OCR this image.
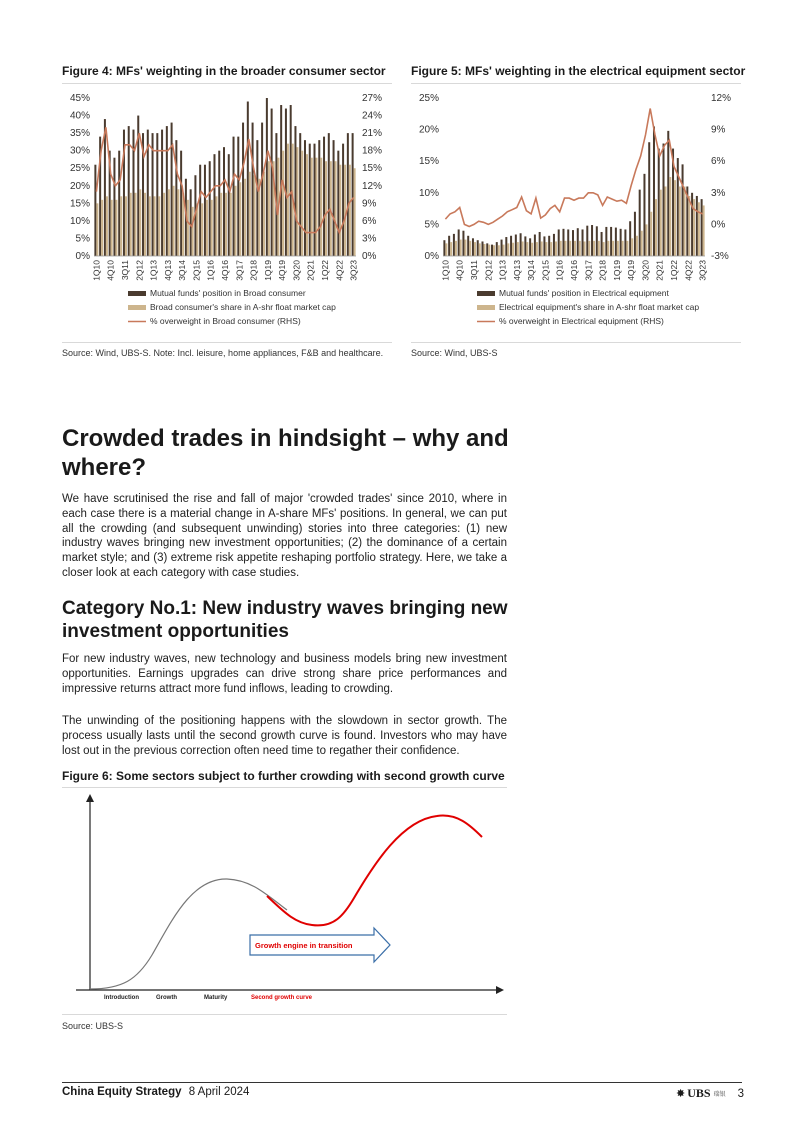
Figure 4: MFs' weighting in the broader consumer sector
0%
5%
10%
15%
20%
25%
30%
35%
40%
45%
0%
3%
6%
9%
12%
15%
18%
21%
24%
27%
1Q10 4Q10 3Q11 2Q12 1Q13 4Q13 3Q14 2Q15 1Q16 4Q16 3Q17 2Q18 1Q19 4Q19 3Q20 2Q21 1Q22 4Q22 3Q23
Mutual funds' position in Broad consumer
Broad consumer's share in A-shr float market cap
% overweight in Broad consumer (RHS)
Source: Wind, UBS-S. Note: Incl. leisure, home appliances, F&B and healthcare.
Figure 5: MFs' weighting in the electrical equipment sector
0%
5%
10%
15%
20%
25%
-3%
0%
3%
6%
9%
12%
1Q10 4Q10 3Q11 2Q12 1Q13 4Q13 3Q14 2Q15 1Q16 4Q16 3Q17 2Q18 1Q19 4Q19 3Q20 2Q21 1Q22 4Q22 3Q23
Mutual funds' position in Electrical equipment
Electrical equipment's share in A-shr float market cap
% overweight in Electrical equipment (RHS)
Source: Wind, UBS-S
Crowded trades in hindsight – why and where?

We have scrutinised the rise and fall of major 'crowded trades' since 2010, where in each case there is a material change in A-share MFs' positions. In general, we can put all the crowding (and subsequent unwinding) stories into three categories: (1) new industry waves bringing new investment opportunities; (2) the dominance of a certain market style; and (3) extreme risk appetite reshaping portfolio strategy. Here, we take a closer look at each category with case studies.

Category No.1: New industry waves bringing new investment opportunities

For new industry waves, new technology and business models bring new investment opportunities. Earnings upgrades can drive strong share price performances and impressive returns attract more fund inflows, leading to crowding.

The unwinding of the positioning happens with the slowdown in sector growth. The process usually lasts until the second growth curve is found. Investors who may have lost out in the previous correction often need time to regather their confidence.

Figure 6: Some sectors subject to further crowding with second growth curve
Growth engine in transition
Introduction	Growth	Maturity	Second growth curve
Source: UBS-S
China Equity Strategy 8 April 2024	✸ UBS 瑞银 3
